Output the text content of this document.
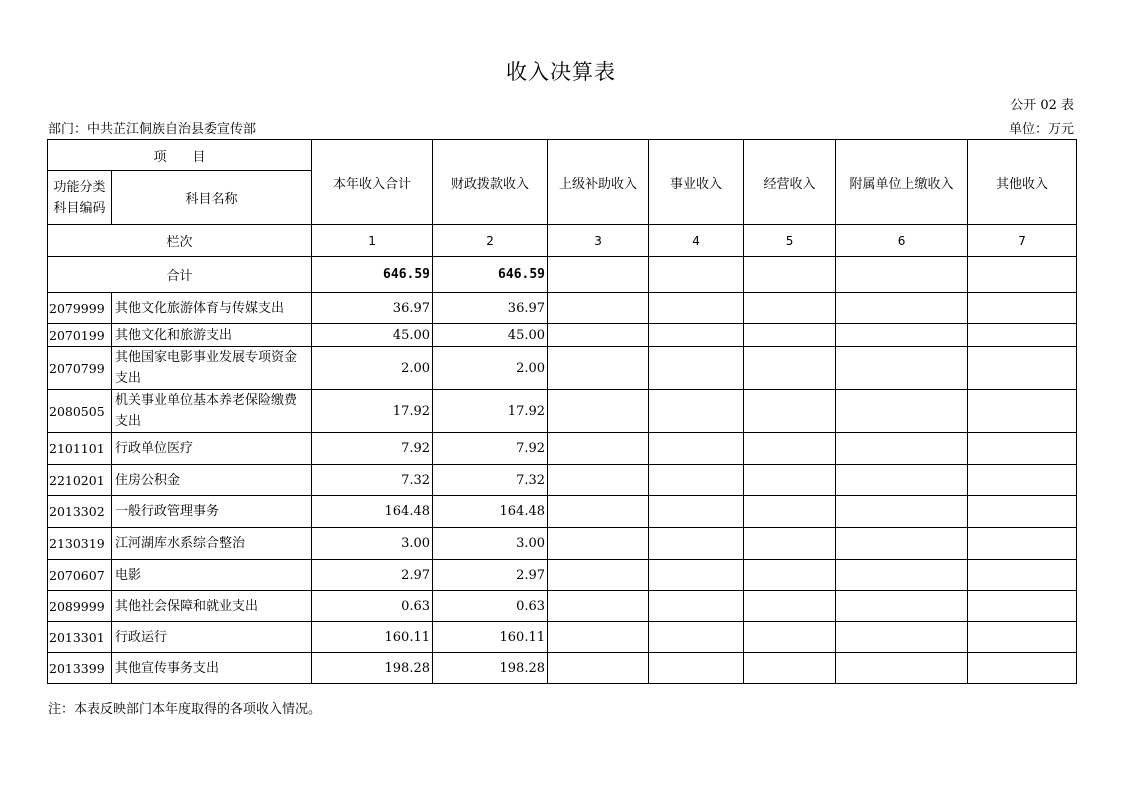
收入决算表
公开 02 表
部门：中共芷江侗族自治县委宣传部	单位：万元
项　　目		本年收入合计	财政拨款收入	上级补助收入	事业收入	经营收入	附属单位上缴收入	其他收入
功能分类科目编码	科目名称							
栏次		1	2	3	4	5	6	7
合计		646.59	646.59					
2079999	其他文化旅游体育与传媒支出	36.97	36.97					
2070199	其他文化和旅游支出	45.00	45.00					
2070799	其他国家电影事业发展专项资金支出	2.00	2.00					
2080505	机关事业单位基本养老保险缴费支出	17.92	17.92					
2101101	行政单位医疗	7.92	7.92					
2210201	住房公积金	7.32	7.32					
2013302	一般行政管理事务	164.48	164.48					
2130319	江河湖库水系综合整治	3.00	3.00					
2070607	电影	2.97	2.97					
2089999	其他社会保障和就业支出	0.63	0.63					
2013301	行政运行	160.11	160.11					
2013399	其他宣传事务支出	198.28	198.28					
注：本表反映部门本年度取得的各项收入情况。
